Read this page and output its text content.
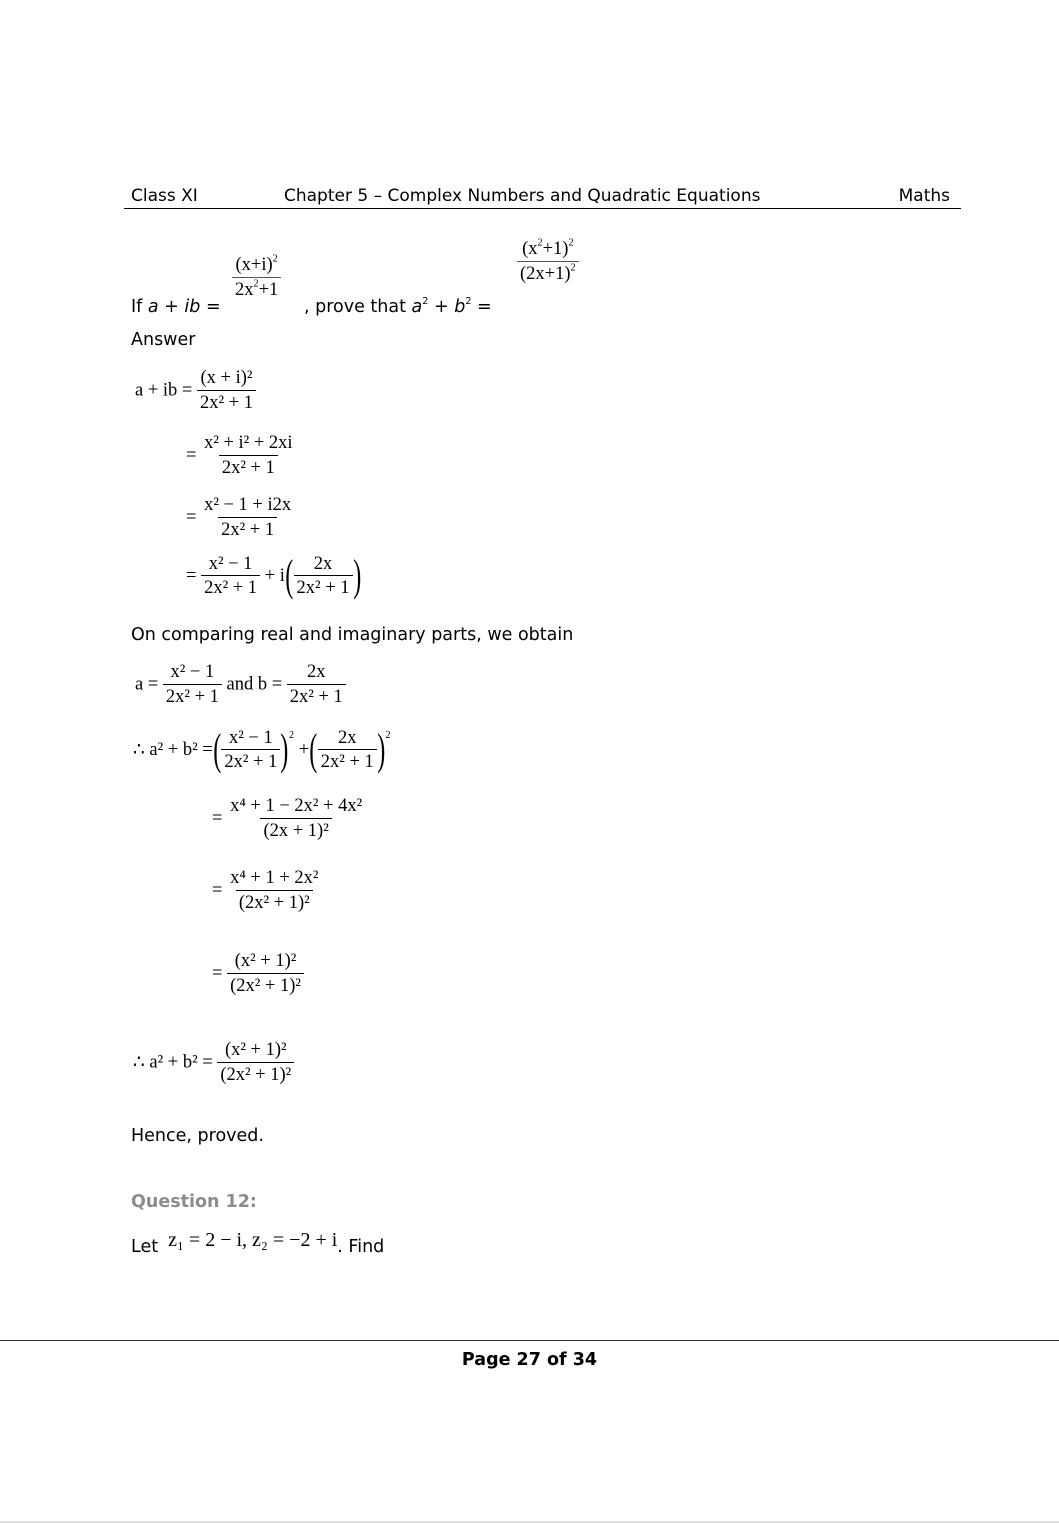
Class XI	Chapter 5 – Complex Numbers and Quadratic Equations	Maths
If a + ib =
$\frac{(x+i)^2}{2x^2+1}$
, prove that $a^2 + b^2$ =
$\frac{(x^2+1)^2}{(2x+1)^2}$
Answer
a + ib = $\frac{\text{(x + i)²}}{\text{2x² + 1}}$
= $\frac{\text{x² + i² + 2xi}}{\text{2x² + 1}}$
= $\frac{\text{x² − 1 + i2x}}{\text{2x² + 1}}$
= $\frac{\text{x² − 1}}{\text{2x² + 1}} + i( \frac{2x}{\text{2x² + 1}}$ )
On comparing real and imaginary parts, we obtain
$a = \frac{\text{x² − 1}}{\text{2x² + 1}}$ and $b = \frac{2x}{\text{2x² + 1}}$
∴ a² + b² =( $\frac{\text{x² − 1}}{\text{2x² + 1}} )^2$ +( $\frac{2x}{\text{2x² + 1}} )^2$
= $\frac{\text{x⁴ + 1 − 2x² + 4x²}}{\text{(2x + 1)²}}$
= $\frac{\text{x⁴ + 1 + 2x²}}{\text{(2x² + 1)²}}$
= $\frac{\text{(x² + 1)²}}{\text{(2x² + 1)²}}$
∴ $a^2 + b^2 = \frac{\text{(x² + 1)²}}{\text{(2x² + 1)²}}$
Hence, proved.
Question 12:
Let z₁ = 2 − i, z₂ = −2 + i. Find
Page 27 of 34
